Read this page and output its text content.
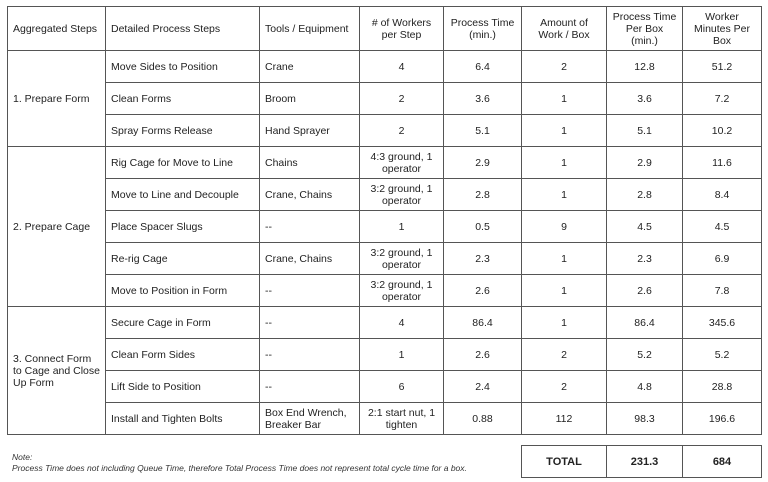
Aggregated Steps	Detailed Process Steps	Tools / Equipment	# of Workers per Step	Process Time (min.)	Amount of Work / Box	Process Time Per Box (min.)	Worker Minutes Per Box
1. Prepare Form	Move Sides to Position	Crane	4	6.4	2	12.8	51.2
	Clean Forms	Broom	2	3.6	1	3.6	7.2
	Spray Forms Release	Hand Sprayer	2	5.1	1	5.1	10.2
2. Prepare Cage	Rig Cage for Move to Line	Chains	4:3 ground, 1 operator	2.9	1	2.9	11.6
	Move to Line and Decouple	Crane, Chains	3:2 ground, 1 operator	2.8	1	2.8	8.4
	Place Spacer Slugs	--	1	0.5	9	4.5	4.5
	Re-rig Cage	Crane, Chains	3:2 ground, 1 operator	2.3	1	2.3	6.9
	Move to Position in Form	--	3:2 ground, 1 operator	2.6	1	2.6	7.8
3. Connect Form to Cage and Close Up Form	Secure Cage in Form	--	4	86.4	1	86.4	345.6
	Clean Form Sides	--	1	2.6	2	5.2	5.2
	Lift Side to Position	--	6	2.4	2	4.8	28.8
	Install and Tighten Bolts	Box End Wrench, Breaker Bar	2:1 start nut, 1 tighten	0.88	112	98.3	196.6
Note:
Process Time does not including Queue Time, therefore Total Process Time does not represent total cycle time for a box.
TOTAL	231.3	684
